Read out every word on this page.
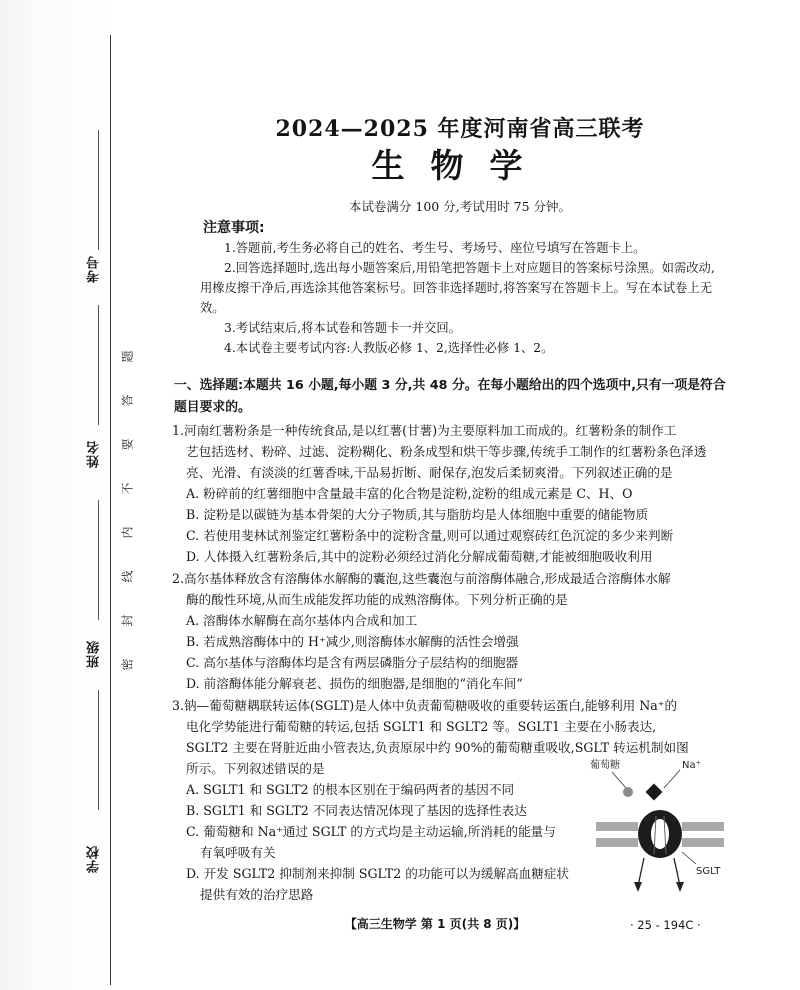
考号
姓名
班级
学校
题
答
要
不
内
线
封
密
2024—2025 年度河南省高三联考
生物学
本试卷满分 100 分,考试用时 75 分钟。
注意事项:
1.答题前,考生务必将自己的姓名、考生号、考场号、座位号填写在答题卡上。
2.回答选择题时,选出每小题答案后,用铅笔把答题卡上对应题目的答案标号涂黑。如需改动,用橡皮擦干净后,再选涂其他答案标号。回答非选择题时,将答案写在答题卡上。写在本试卷上无效。
3.考试结束后,将本试卷和答题卡一并交回。
4.本试卷主要考试内容:人教版必修 1、2,选择性必修 1、2。
一、选择题:本题共 16 小题,每小题 3 分,共 48 分。在每小题给出的四个选项中,只有一项是符合题目要求的。
1.河南红薯粉条是一种传统食品,是以红薯(甘薯)为主要原料加工而成的。红薯粉条的制作工
艺包括选材、粉碎、过滤、淀粉糊化、粉条成型和烘干等步骤,传统手工制作的红薯粉条色泽透
亮、光滑、有淡淡的红薯香味,干品易折断、耐保存,泡发后柔韧爽滑。下列叙述正确的是
A. 粉碎前的红薯细胞中含量最丰富的化合物是淀粉,淀粉的组成元素是 C、H、O
B. 淀粉是以碳链为基本骨架的大分子物质,其与脂肪均是人体细胞中重要的储能物质
C. 若使用斐林试剂鉴定红薯粉条中的淀粉含量,则可以通过观察砖红色沉淀的多少来判断
D. 人体摄入红薯粉条后,其中的淀粉必须经过消化分解成葡萄糖,才能被细胞吸收利用
2.高尔基体释放含有溶酶体水解酶的囊泡,这些囊泡与前溶酶体融合,形成最适合溶酶体水解
酶的酸性环境,从而生成能发挥功能的成熟溶酶体。下列分析正确的是
A. 溶酶体水解酶在高尔基体内合成和加工
B. 若成熟溶酶体中的 H⁺减少,则溶酶体水解酶的活性会增强
C. 高尔基体与溶酶体均是含有两层磷脂分子层结构的细胞器
D. 前溶酶体能分解衰老、损伤的细胞器,是细胞的“消化车间”
3.钠—葡萄糖耦联转运体(SGLT)是人体中负责葡萄糖吸收的重要转运蛋白,能够利用 Na⁺的
电化学势能进行葡萄糖的转运,包括 SGLT1 和 SGLT2 等。SGLT1 主要在小肠表达,
SGLT2 主要在肾脏近曲小管表达,负责原尿中约 90%的葡萄糖重吸收,SGLT 转运机制如图
所示。下列叙述错误的是
A. SGLT1 和 SGLT2 的根本区别在于编码两者的基因不同
B. SGLT1 和 SGLT2 不同表达情况体现了基因的选择性表达
C. 葡萄糖和 Na⁺通过 SGLT 的方式均是主动运输,所消耗的能量与
有氧呼吸有关
D. 开发 SGLT2 抑制剂来抑制 SGLT2 的功能可以为缓解高血糖症状
提供有效的治疗思路
葡萄糖	Na⁺
SGLT
【高三生物学 第 1 页(共 8 页)】	· 25 - 194C ·
